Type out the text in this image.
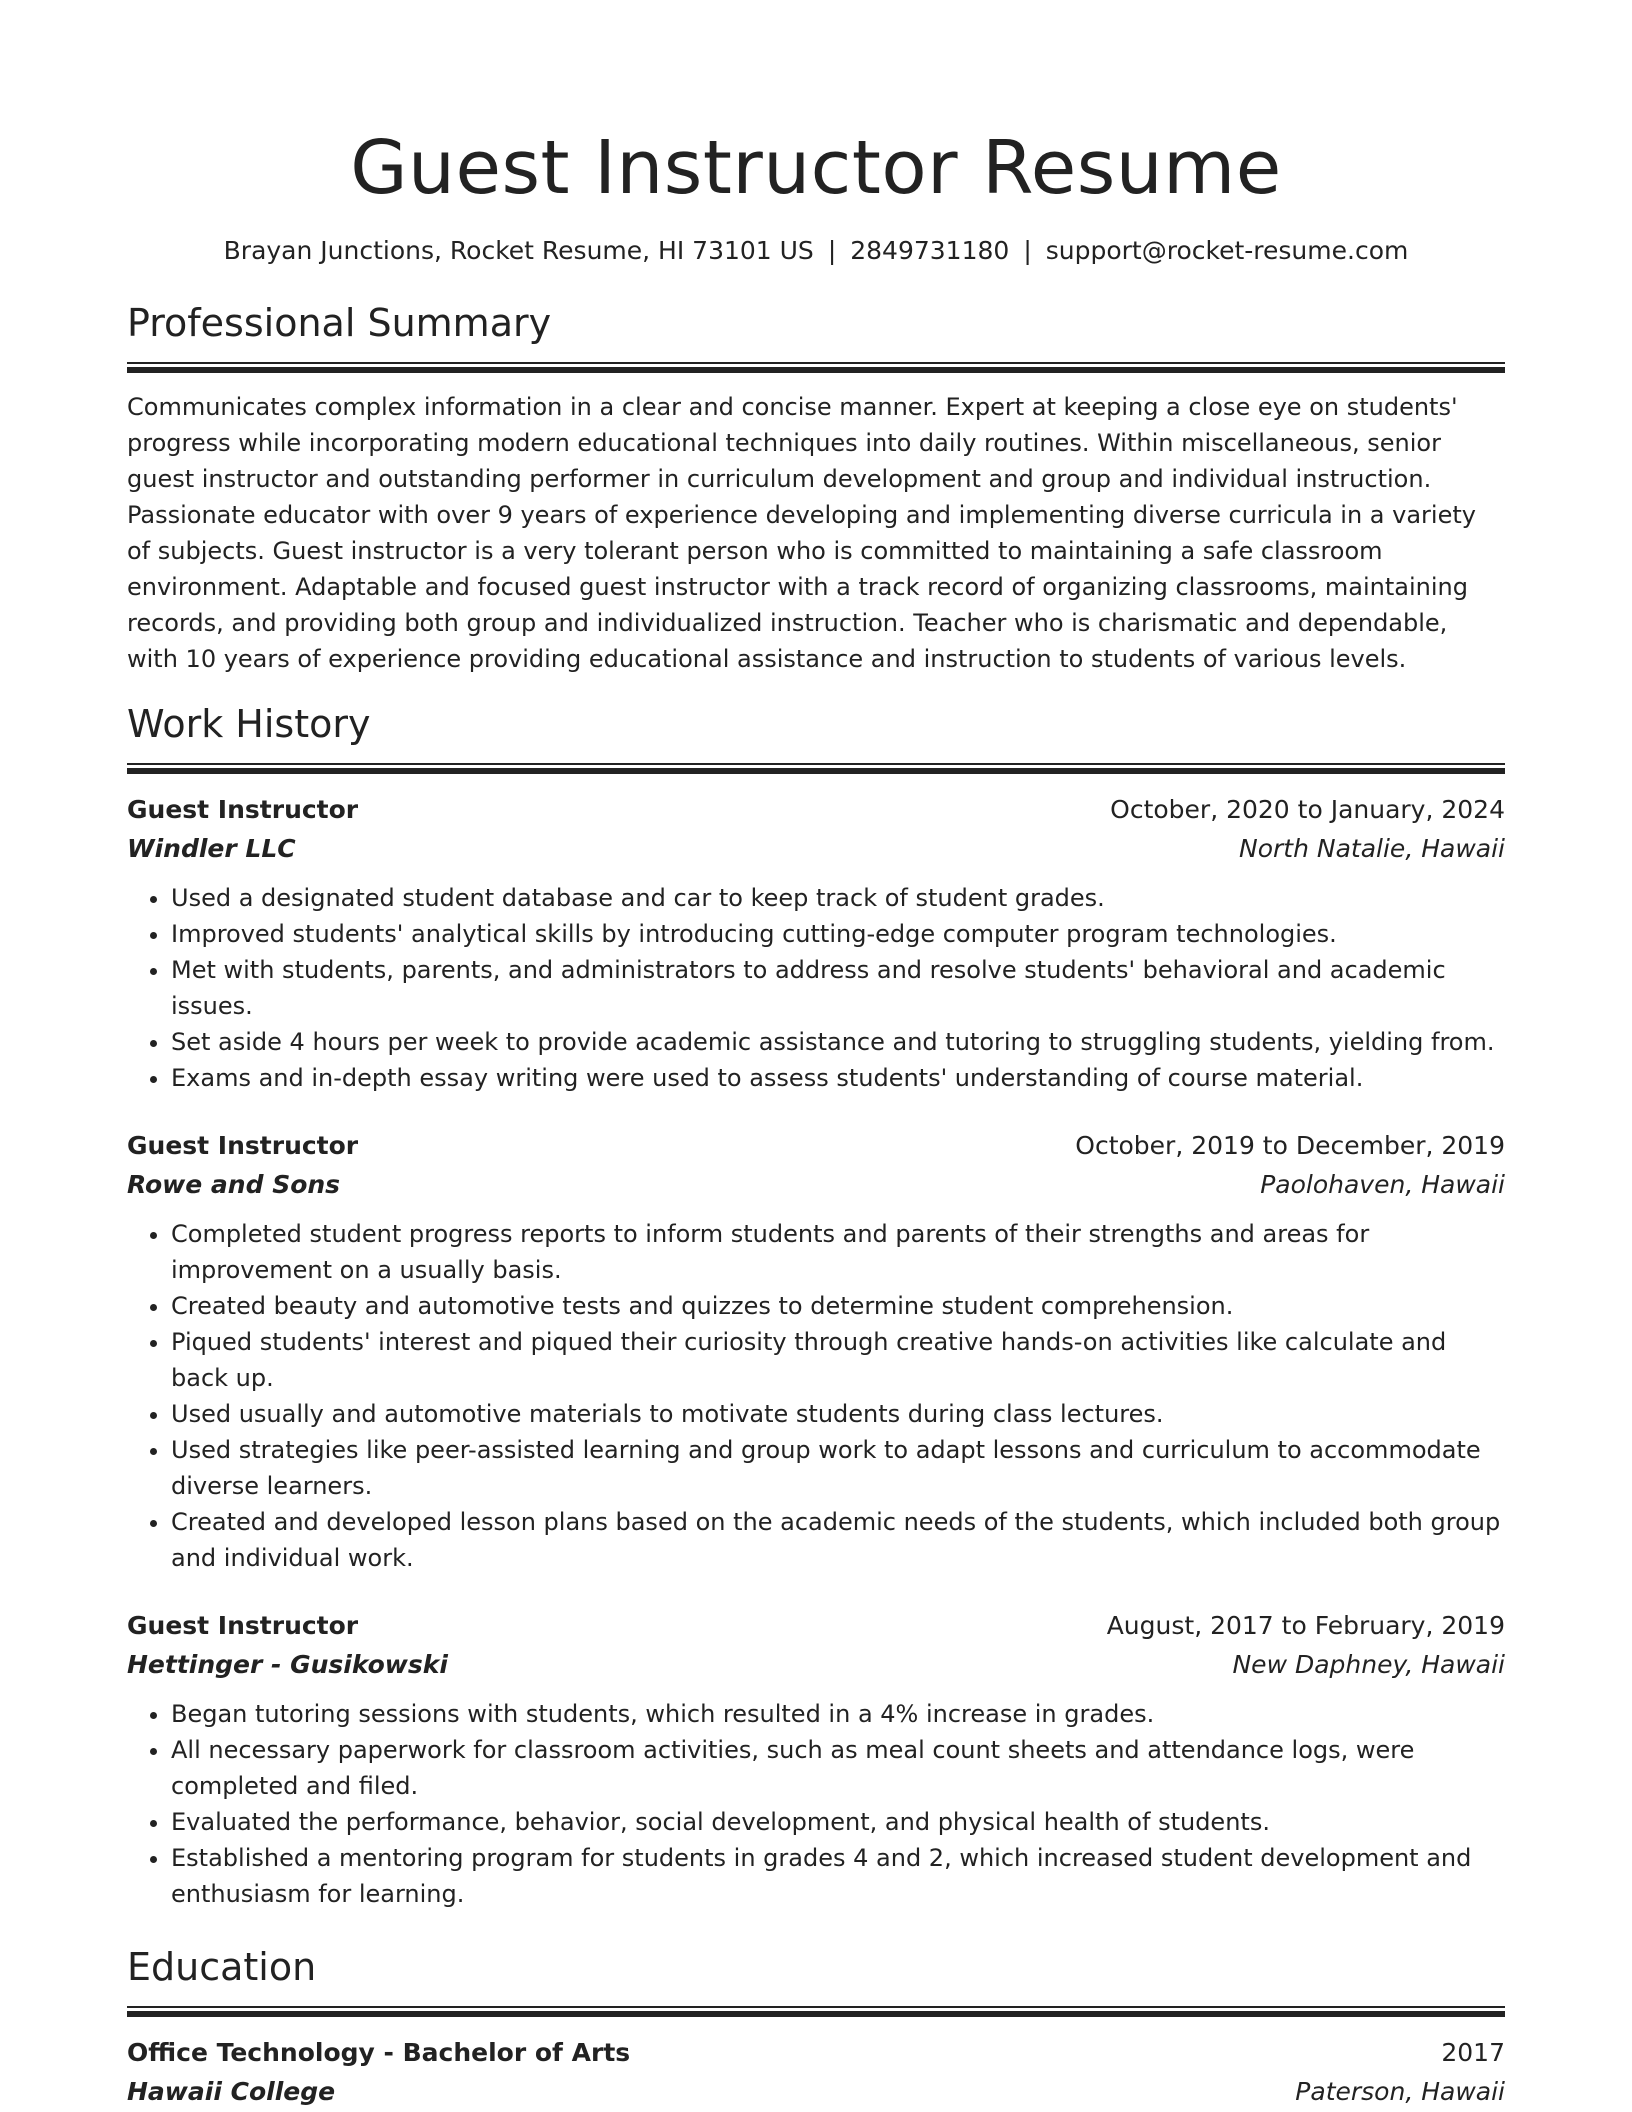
Guest Instructor Resume
Brayan Junctions, Rocket Resume, HI 73101 US | 2849731180 | support@rocket-resume.com
Professional Summary

Communicates complex information in a clear and concise manner. Expert at keeping a close eye on students' progress while incorporating modern educational techniques into daily routines. Within miscellaneous, senior guest instructor and outstanding performer in curriculum development and group and individual instruction. Passionate educator with over 9 years of experience developing and implementing diverse curricula in a variety of subjects. Guest instructor is a very tolerant person who is committed to maintaining a safe classroom environment. Adaptable and focused guest instructor with a track record of organizing classrooms, maintaining records, and providing both group and individualized instruction. Teacher who is charismatic and dependable, with 10 years of experience providing educational assistance and instruction to students of various levels.

Work History
Guest Instructor	October, 2020 to January, 2024
Windler LLC	North Natalie, Hawaii
• Used a designated student database and car to keep track of student grades.
• Improved students' analytical skills by introducing cutting-edge computer program technologies.
• Met with students, parents, and administrators to address and resolve students' behavioral and academic issues.
• Set aside 4 hours per week to provide academic assistance and tutoring to struggling students, yielding from.
• Exams and in-depth essay writing were used to assess students' understanding of course material.
Guest Instructor	October, 2019 to December, 2019
Rowe and Sons	Paolohaven, Hawaii
• Completed student progress reports to inform students and parents of their strengths and areas for improvement on a usually basis.
• Created beauty and automotive tests and quizzes to determine student comprehension.
• Piqued students' interest and piqued their curiosity through creative hands-on activities like calculate and back up.
• Used usually and automotive materials to motivate students during class lectures.
• Used strategies like peer-assisted learning and group work to adapt lessons and curriculum to accommodate diverse learners.
• Created and developed lesson plans based on the academic needs of the students, which included both group and individual work.
Guest Instructor	August, 2017 to February, 2019
Hettinger - Gusikowski	New Daphney, Hawaii
• Began tutoring sessions with students, which resulted in a 4% increase in grades.
• All necessary paperwork for classroom activities, such as meal count sheets and attendance logs, were completed and filed.
• Evaluated the performance, behavior, social development, and physical health of students.
• Established a mentoring program for students in grades 4 and 2, which increased student development and enthusiasm for learning.
Education
Office Technology - Bachelor of Arts	2017
Hawaii College	Paterson, Hawaii
